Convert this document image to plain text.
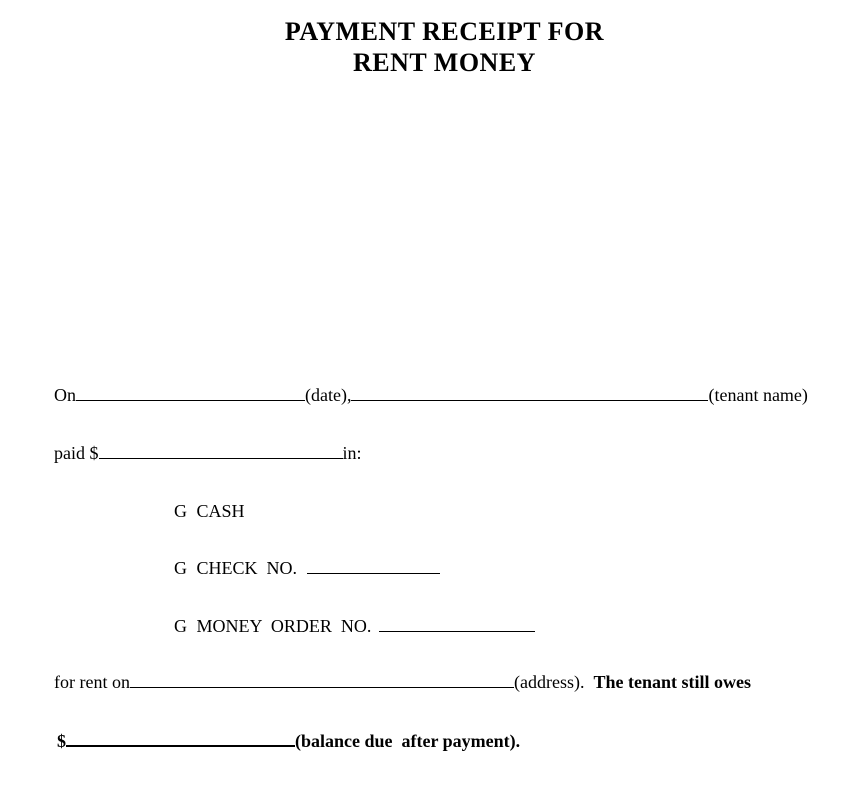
PAYMENT RECEIPT FOR
RENT MONEY
On	(date),	(tenant name)
paid $	in:
G CASH
G CHECK  NO.
G MONEY  ORDER  NO.
for rent on	(address). The tenant still owes
$	(balance due  after payment).
